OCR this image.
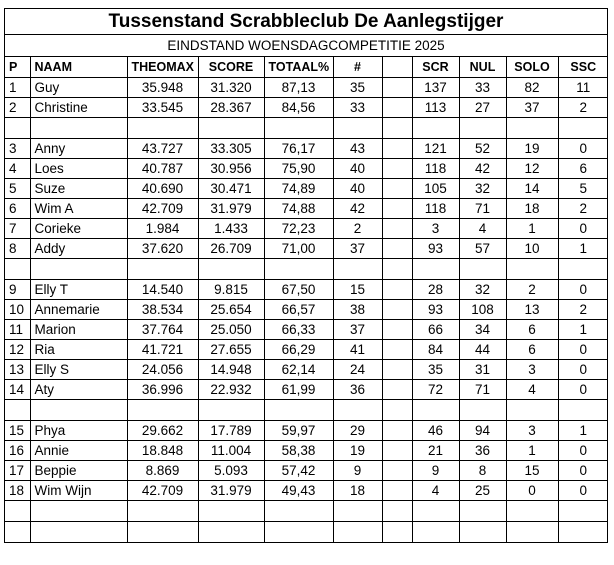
Tussenstand Scrabbleclub De Aanlegstijger
EINDSTAND WOENSDAGCOMPETITIE 2025
P	NAAM	THEOMAX	SCORE	TOTAAL%	#		SCR	NUL	SOLO	SSC
1	Guy	35.948	31.320	87,13	35		137	33	82	11
2	Christine	33.545	28.367	84,56	33		113	27	37	2

3	Anny	43.727	33.305	76,17	43		121	52	19	0
4	Loes	40.787	30.956	75,90	40		118	42	12	6
5	Suze	40.690	30.471	74,89	40		105	32	14	5
6	Wim A	42.709	31.979	74,88	42		118	71	18	2
7	Corieke	1.984	1.433	72,23	2		3	4	1	0
8	Addy	37.620	26.709	71,00	37		93	57	10	1

9	Elly T	14.540	9.815	67,50	15		28	32	2	0
10	Annemarie	38.534	25.654	66,57	38		93	108	13	2
11	Marion	37.764	25.050	66,33	37		66	34	6	1
12	Ria	41.721	27.655	66,29	41		84	44	6	0
13	Elly S	24.056	14.948	62,14	24		35	31	3	0
14	Aty	36.996	22.932	61,99	36		72	71	4	0

15	Phya	29.662	17.789	59,97	29		46	94	3	1
16	Annie	18.848	11.004	58,38	19		21	36	1	0
17	Beppie	8.869	5.093	57,42	9		9	8	15	0
18	Wim Wijn	42.709	31.979	49,43	18		4	25	0	0
